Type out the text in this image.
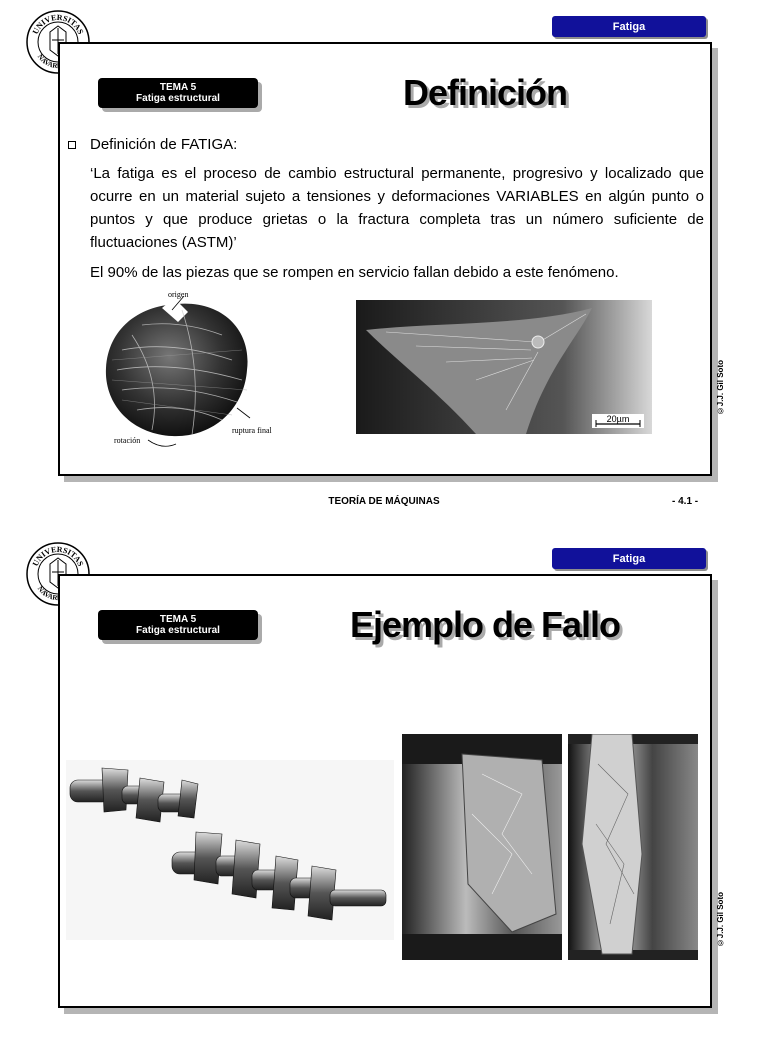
UNIVERSITAS
NAVAR
Fatiga
TEMA 5
Fatiga estructural	Definición
Definición de FATIGA:
‘La fatiga es el proceso de cambio estructural permanente, progresivo y localizado que ocurre en un material sujeto a tensiones y deformaciones VARIABLES en algún punto o puntos y que produce grietas o la fractura completa tras un número suficiente de fluctuaciones (ASTM)’
El 90% de las piezas que se rompen en servicio fallan debido a este fenómeno.
origen
ruptura final
rotación
20µm
©J.J. Gil Soto
TEORÍA DE MÁQUINAS	- 4.1 -
UNIVERSITAS
NAVAR
Fatiga
TEMA 5
Fatiga estructural	Ejemplo de Fallo
©J.J. Gil Soto
